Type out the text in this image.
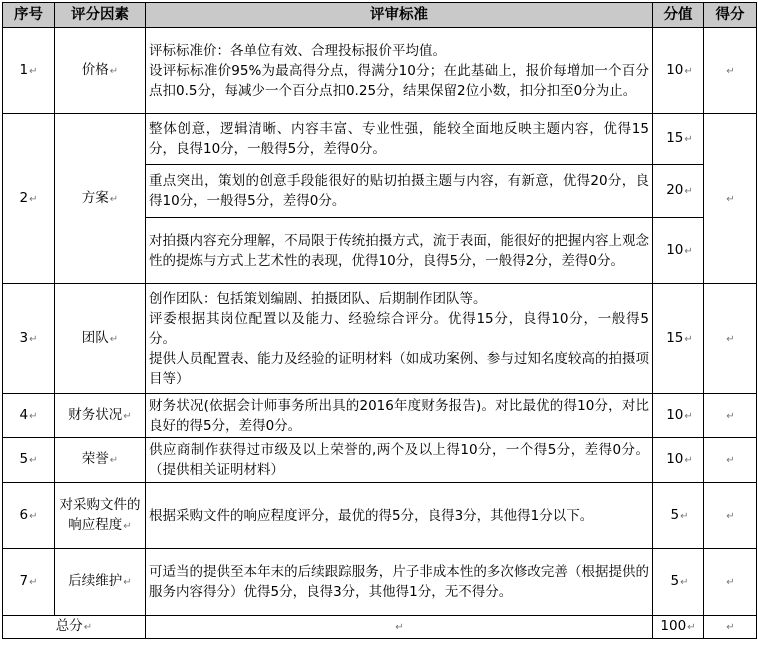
序号	评分因素	评审标准	分值	得分
1 ↵	价格 ↵	评标标准价：各单位有效、合理投标报价平均值。
设评标标准价95%为最高得分点，得满分10分；在此基础上，报价每增加一个百分点扣0.5分，每减少一个百分点扣0.25分，结果保留2位小数，扣分扣至0分为止。	10 ↵	↵
2 ↵	方案 ↵	整体创意，逻辑清晰、内容丰富、专业性强，能较全面地反映主题内容，优得15分，良得10分，一般得5分，差得0分。	15 ↵	↵

		重点突出，策划的创意手段能很好的贴切拍摄主题与内容，有新意，优得20分，良得10分，一般得5分，差得0分。	20 ↵

		对拍摄内容充分理解，不局限于传统拍摄方式，流于表面，能很好的把握内容上观念性的提炼与方式上艺术性的表现，优得10分，良得5分，一般得2分，差得0分。	10 ↵
3 ↵	团队 ↵	创作团队：包括策划编剧、拍摄团队、后期制作团队等。
评委根据其岗位配置以及能力、经验综合评分。优得15分，良得10分，一般得5分。
提供人员配置表、能力及经验的证明材料（如成功案例、参与过知名度较高的拍摄项目等）	15 ↵	↵
4 ↵	财务状况 ↵	财务状况(依据会计师事务所出具的2016年度财务报告)。对比最优的得10分，对比良好的得5分，差得0分。	10 ↵	↵
5 ↵	荣誉 ↵	供应商制作获得过市级及以上荣誉的,两个及以上得10分，一个得5分，差得0分。（提供相关证明材料）	10 ↵	↵
6 ↵	对采购文件的响应程度 ↵	根据采购文件的响应程度评分，最优的得5分，良得3分，其他得1分以下。	5 ↵	↵
7 ↵	后续维护 ↵	可适当的提供至本年末的后续跟踪服务，片子非成本性的多次修改完善（根据提供的服务内容得分）优得5分，良得3分，其他得1分，无不得分。	5 ↵	↵
总分 ↵	↵		100 ↵	↵
